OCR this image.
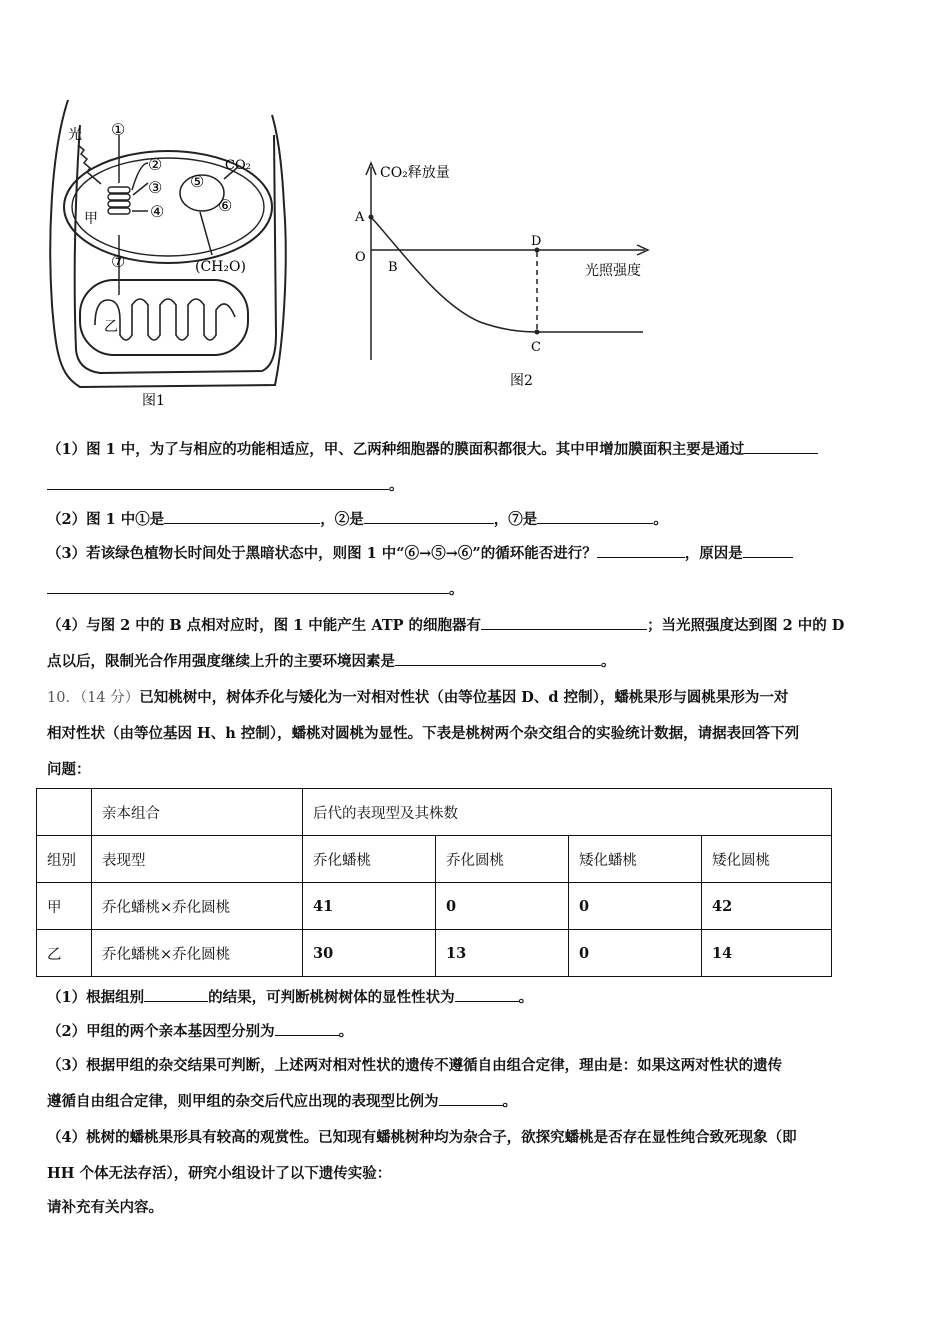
光
甲
乙
CO₂
(CH₂O)
①
②
③
④
⑤
⑥
⑦
图1
CO₂释放量
光照强度
A
O
B
D
C
图2
（1）图 1 中，为了与相应的功能相适应，甲、乙两种细胞器的膜面积都很大。其中甲增加膜面积主要是通过
。
（2）图 1 中①是	，②是	，⑦是	。
（3）若该绿色植物长时间处于黑暗状态中，则图 1 中“⑥→⑤→⑥”的循环能否进行？	，原因是
。
（4）与图 2 中的 B 点相对应时，图 1 中能产生 ATP 的细胞器有	；当光照强度达到图 2 中的 D
点以后，限制光合作用强度继续上升的主要环境因素是	。
10．（14 分）已知桃树中，树体乔化与矮化为一对相对性状（由等位基因 D、d 控制），蟠桃果形与圆桃果形为一对
相对性状（由等位基因 H、h 控制），蟠桃对圆桃为显性。下表是桃树两个杂交组合的实验统计数据，请据表回答下列
问题：
	亲本组合	后代的表现型及其株数			
组别	表现型	乔化蟠桃	乔化圆桃	矮化蟠桃	矮化圆桃
甲	乔化蟠桃×乔化圆桃	41	0	0	42
乙	乔化蟠桃×乔化圆桃	30	13	0	14
（1）根据组别	的结果，可判断桃树树体的显性性状为	。
（2）甲组的两个亲本基因型分别为	。
（3）根据甲组的杂交结果可判断，上述两对相对性状的遗传不遵循自由组合定律，理由是：如果这两对性状的遗传
遵循自由组合定律，则甲组的杂交后代应出现的表现型比例为	。
（4）桃树的蟠桃果形具有较高的观赏性。已知现有蟠桃树种均为杂合子，欲探究蟠桃是否存在显性纯合致死现象（即
HH 个体无法存活），研究小组设计了以下遗传实验：
请补充有关内容。
